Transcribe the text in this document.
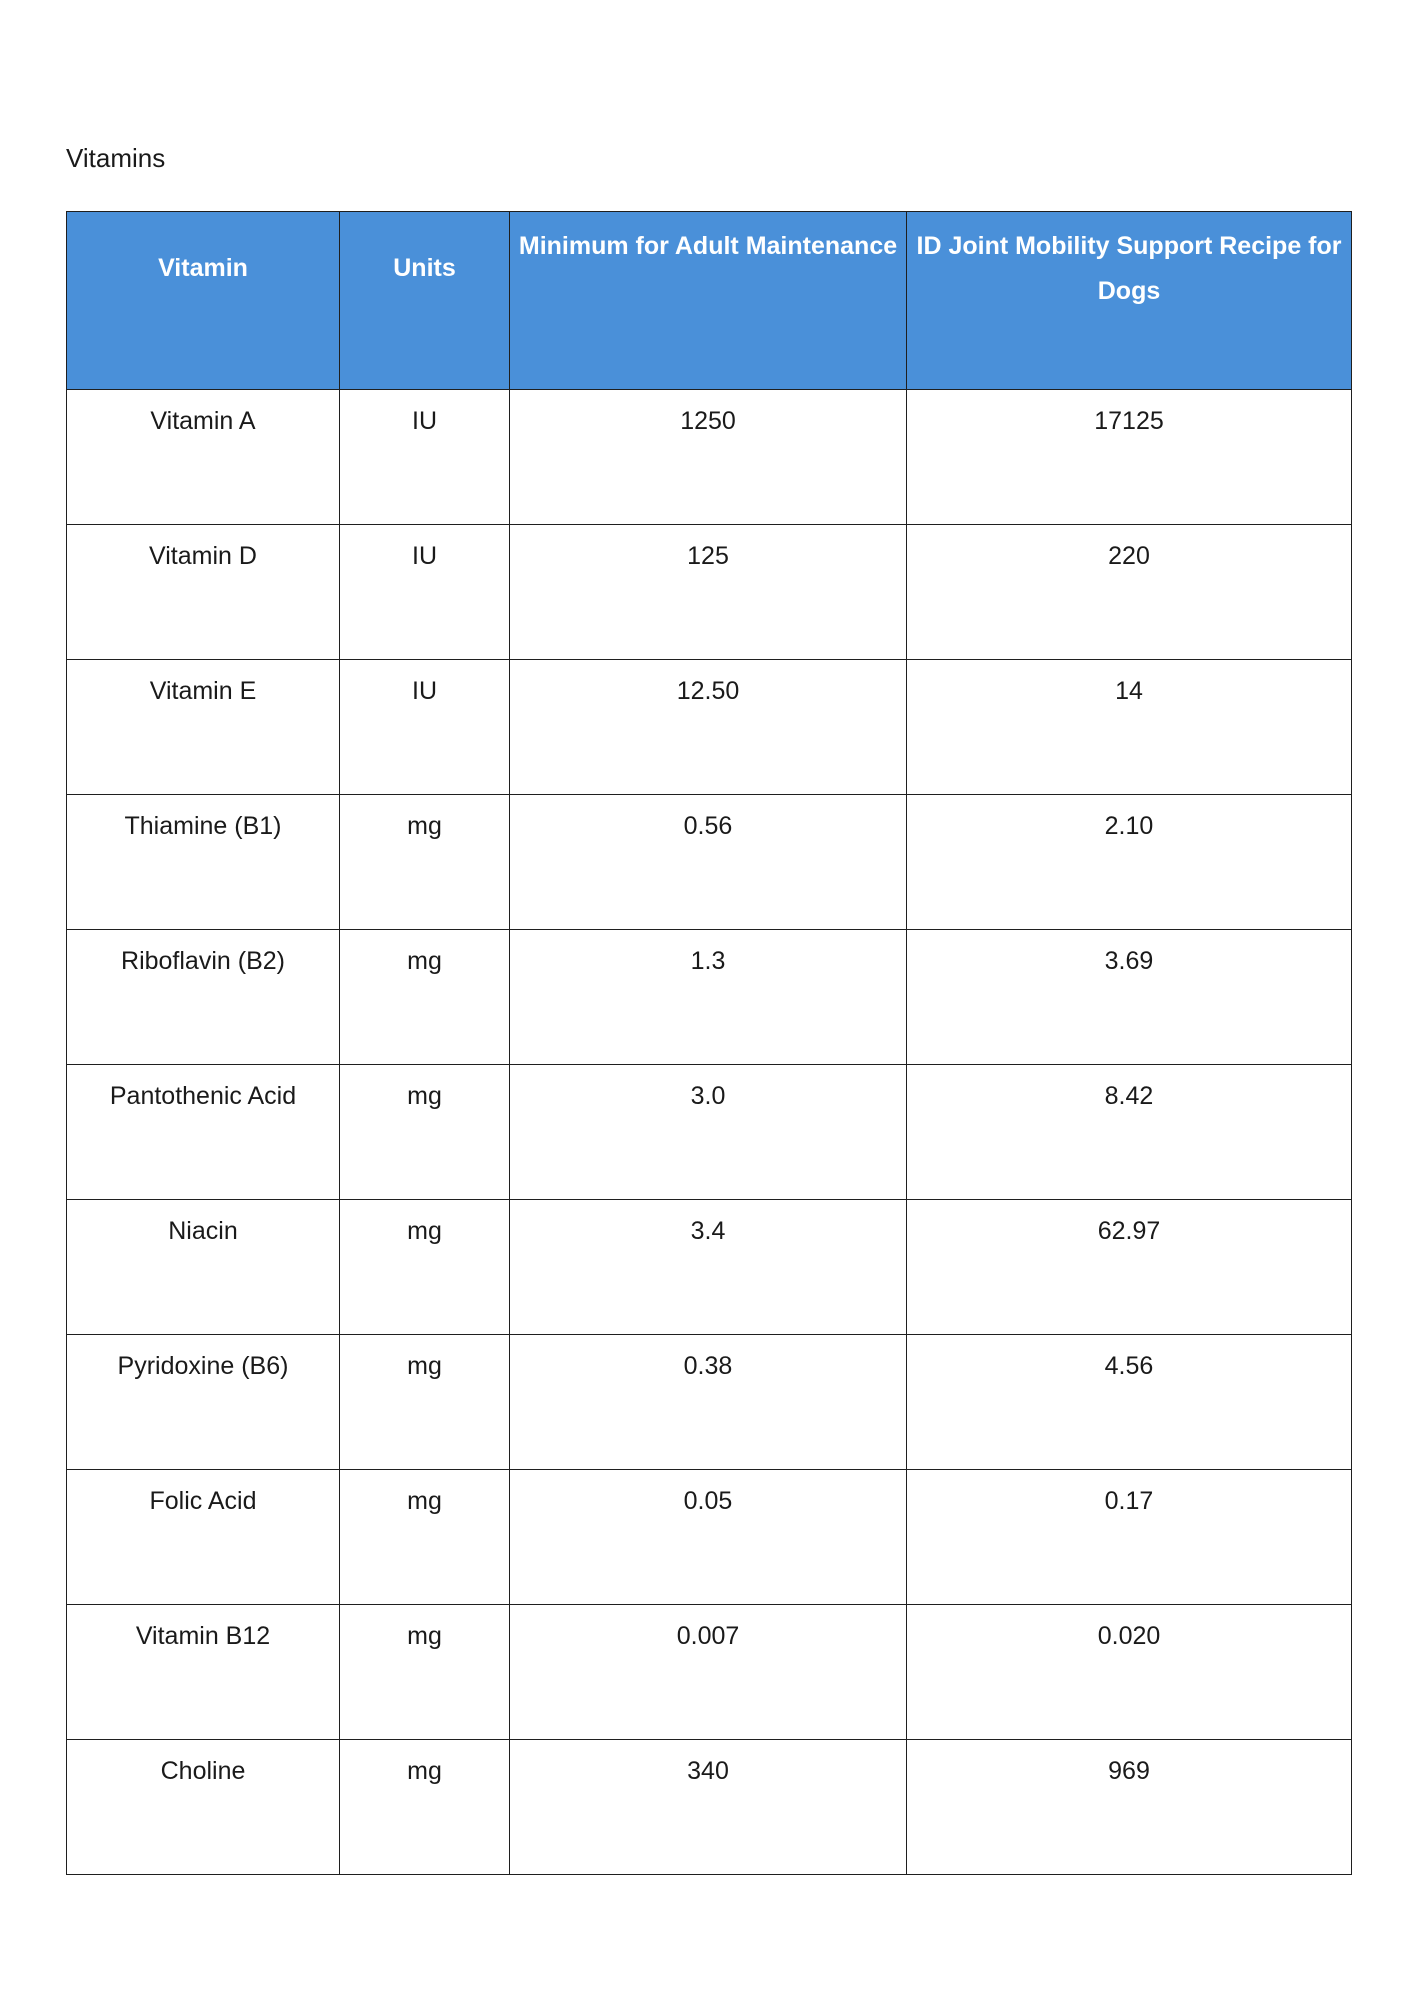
Vitamins
Vitamin	Units	Minimum for Adult Maintenance	ID Joint Mobility Support Recipe for Dogs
Vitamin A	IU	1250	17125
Vitamin D	IU	125	220
Vitamin E	IU	12.50	14
Thiamine (B1)	mg	0.56	2.10
Riboflavin (B2)	mg	1.3	3.69
Pantothenic Acid	mg	3.0	8.42
Niacin	mg	3.4	62.97
Pyridoxine (B6)	mg	0.38	4.56
Folic Acid	mg	0.05	0.17
Vitamin B12	mg	0.007	0.020
Choline	mg	340	969
